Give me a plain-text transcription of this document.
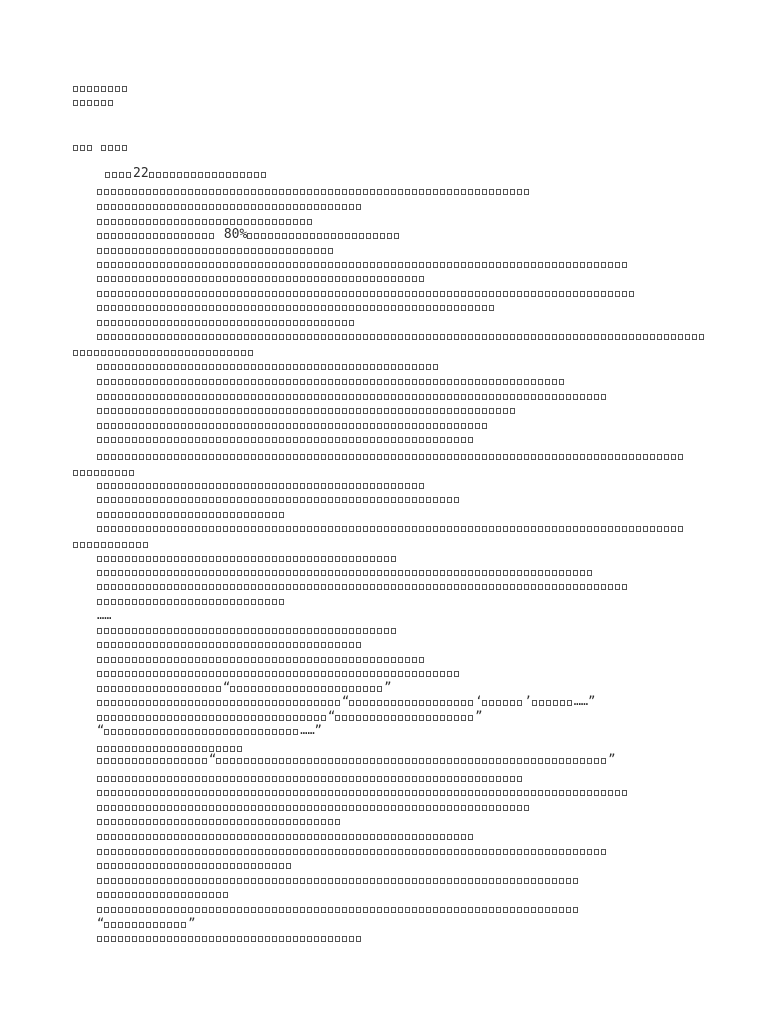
22
80%
……
“	”
“	‘	’	……”
“	”
“	……”
“	”
“	”
